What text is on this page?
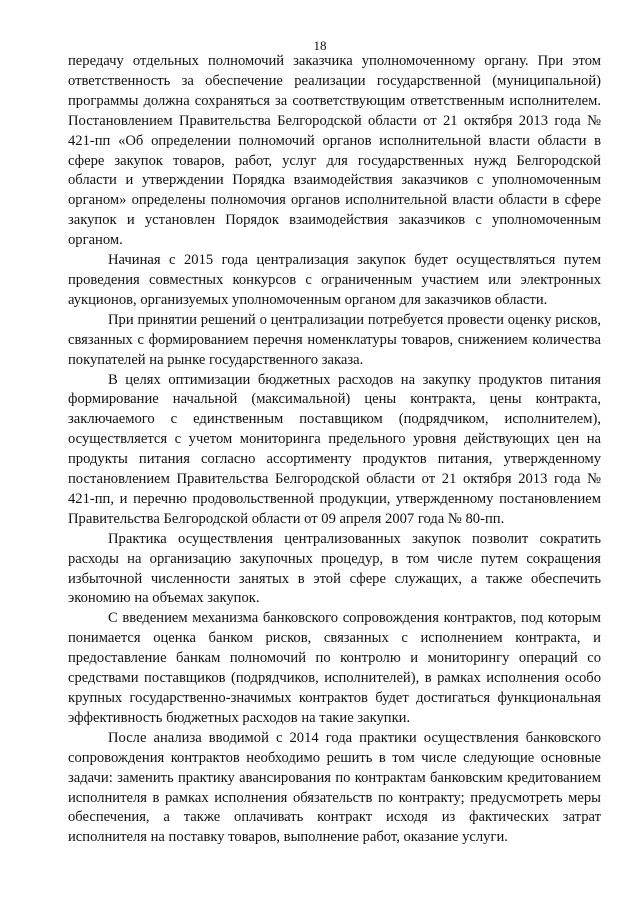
18

передачу отдельных полномочий заказчика уполномоченному органу. При этом ответственность за обеспечение реализации государственной (муниципальной) программы должна сохраняться за соответствующим ответственным исполнителем. Постановлением Правительства Белгородской области от 21 октября 2013 года № 421-пп «Об определении полномочий органов исполнительной власти области в сфере закупок товаров, работ, услуг для государственных нужд Белгородской области и утверждении Порядка взаимодействия заказчиков с уполномоченным органом» определены полномочия органов исполнительной власти области в сфере закупок и установлен Порядок взаимодействия заказчиков с уполномоченным органом.

Начиная с 2015 года централизация закупок будет осуществляться путем проведения совместных конкурсов с ограниченным участием или электронных аукционов, организуемых уполномоченным органом для заказчиков области.

При принятии решений о централизации потребуется провести оценку рисков, связанных с формированием перечня номенклатуры товаров, снижением количества покупателей на рынке государственного заказа.

В целях оптимизации бюджетных расходов на закупку продуктов питания формирование начальной (максимальной) цены контракта, цены контракта, заключаемого с единственным поставщиком (подрядчиком, исполнителем), осуществляется с учетом мониторинга предельного уровня действующих цен на продукты питания согласно ассортименту продуктов питания, утвержденному постановлением Правительства Белгородской области от 21 октября 2013 года № 421-пп, и перечню продовольственной продукции, утвержденному постановлением Правительства Белгородской области от 09 апреля 2007 года № 80-пп.

Практика осуществления централизованных закупок позволит сократить расходы на организацию закупочных процедур, в том числе путем сокращения избыточной численности занятых в этой сфере служащих, а также обеспечить экономию на объемах закупок.

С введением механизма банковского сопровождения контрактов, под которым понимается оценка банком рисков, связанных с исполнением контракта, и предоставление банкам полномочий по контролю и мониторингу операций со средствами поставщиков (подрядчиков, исполнителей), в рамках исполнения особо крупных государственно-значимых контрактов будет достигаться функциональная эффективность бюджетных расходов на такие закупки.

После анализа вводимой с 2014 года практики осуществления банковского сопровождения контрактов необходимо решить в том числе следующие основные задачи: заменить практику авансирования по контрактам банковским кредитованием исполнителя в рамках исполнения обязательств по контракту; предусмотреть меры обеспечения, а также оплачивать контракт исходя из фактических затрат исполнителя на поставку товаров, выполнение работ, оказание услуги.
